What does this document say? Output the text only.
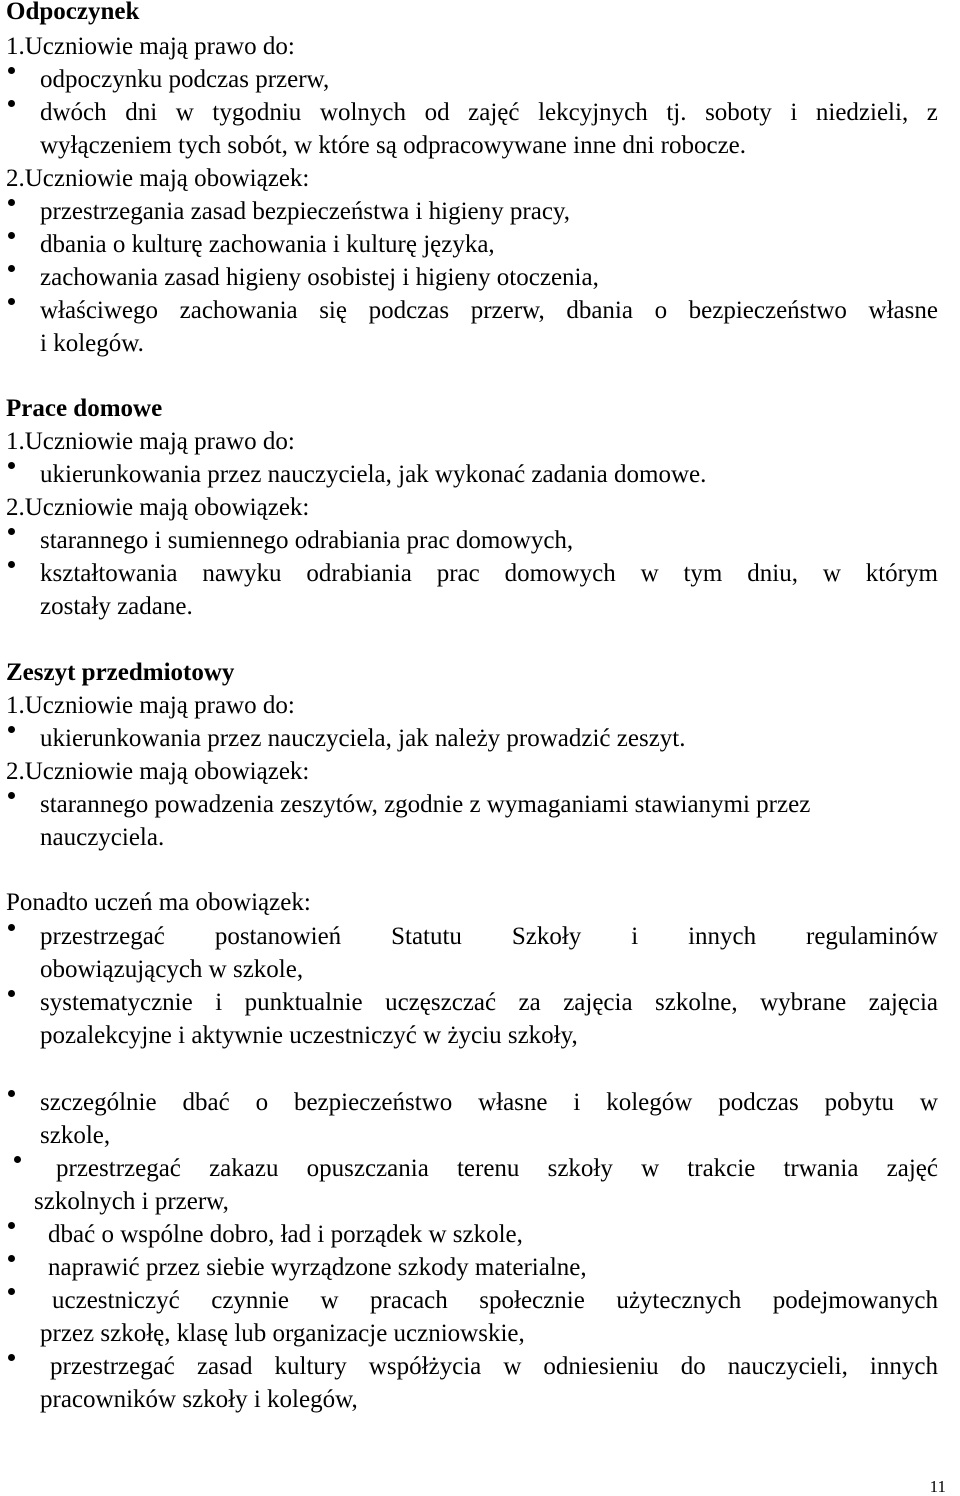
Odpoczynek
1.Uczniowie mają prawo do:
odpoczynku podczas przerw,
dwóch dni w tygodniu wolnych od zajęć lekcyjnych tj. soboty i niedzieli, z
wyłączeniem tych sobót, w które są odpracowywane inne dni robocze.
2.Uczniowie mają obowiązek:
przestrzegania zasad bezpieczeństwa i higieny pracy,
dbania o kulturę zachowania i kulturę języka,
zachowania zasad higieny osobistej i higieny otoczenia,
właściwego zachowania się podczas przerw, dbania o bezpieczeństwo własne
i kolegów.
Prace domowe
1.Uczniowie mają prawo do:
ukierunkowania przez nauczyciela, jak wykonać zadania domowe.
2.Uczniowie mają obowiązek:
starannego i sumiennego odrabiania prac domowych,
kształtowania nawyku odrabiania prac domowych w tym dniu, w którym
zostały zadane.
Zeszyt przedmiotowy
1.Uczniowie mają prawo do:
ukierunkowania przez nauczyciela, jak należy prowadzić zeszyt.
2.Uczniowie mają obowiązek:
starannego powadzenia zeszytów, zgodnie z wymaganiami stawianymi przez
nauczyciela.
Ponadto uczeń ma obowiązek:
przestrzegać postanowień Statutu Szkoły i innych regulaminów
obowiązujących w szkole,
systematycznie i punktualnie uczęszczać za zajęcia szkolne, wybrane zajęcia
pozalekcyjne i aktywnie uczestniczyć w życiu szkoły,
szczególnie dbać o bezpieczeństwo własne i kolegów podczas pobytu w
szkole,
przestrzegać zakazu opuszczania terenu szkoły w trakcie trwania zajęć
szkolnych i przerw,
dbać o wspólne dobro, ład i porządek w szkole,
naprawić przez siebie wyrządzone szkody materialne,
uczestniczyć czynnie w pracach społecznie użytecznych podejmowanych
przez szkołę, klasę lub organizacje uczniowskie,
przestrzegać zasad kultury współżycia w odniesieniu do nauczycieli, innych
pracowników szkoły i kolegów,
11
